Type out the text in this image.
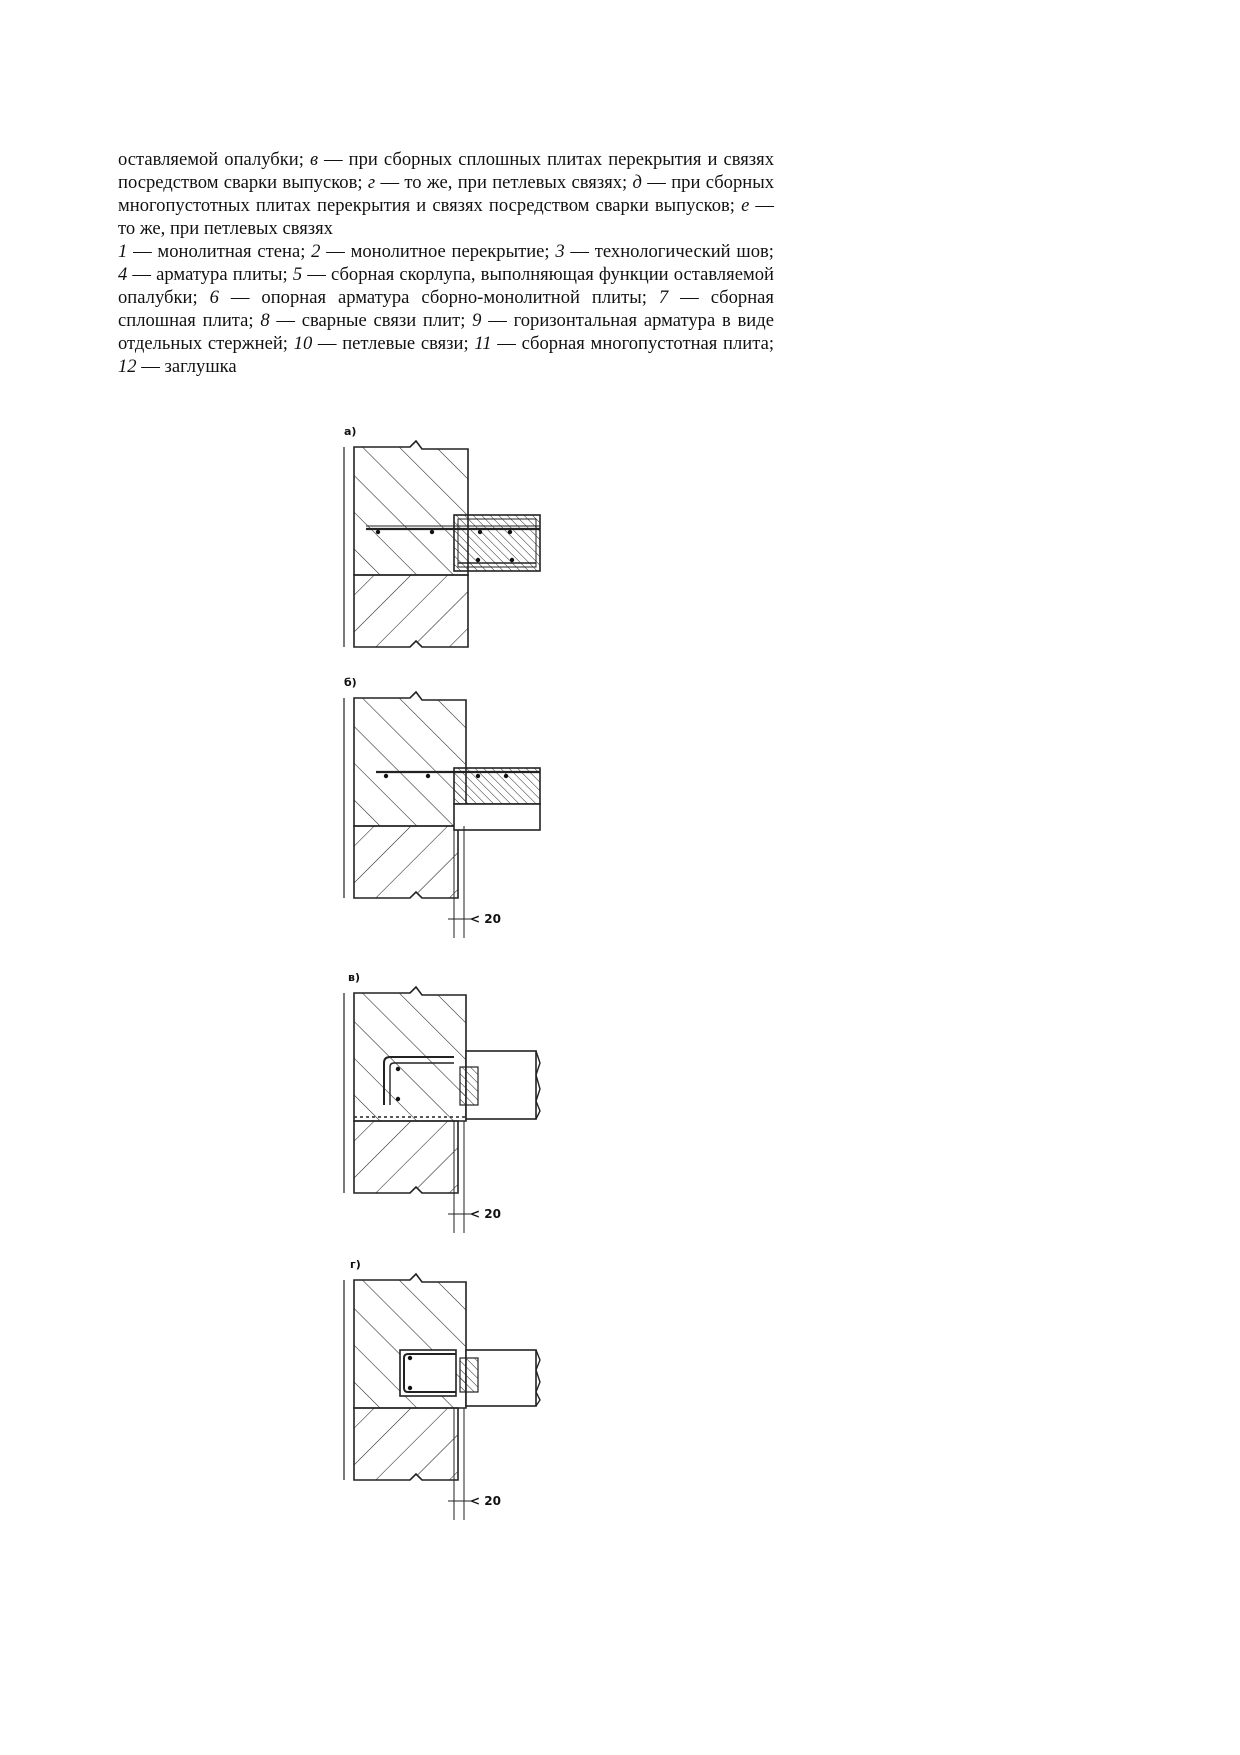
оставляемой опалубки; в — при сборных сплошных плитах перекрытия и связях посредством сварки выпусков; г — то же, при петлевых связях; д — при сборных многопустотных плитах перекрытия и связях посредством сварки выпусков; е — то же, при петлевых связях

1 — монолитная стена; 2 — монолитное перекрытие; 3 — технологический шов; 4 — арматура плиты; 5 — сборная скорлупа, выполняющая функции оставляемой опалубки; 6 — опорная арматура сборно-монолитной плиты; 7 — сборная сплошная плита; 8 — сварные связи плит; 9 — горизонтальная арматура в виде отдельных стержней; 10 — петлевые связи; 11 — сборная многопустотная плита; 12 — заглушка

а)
б)
< 20
в)
< 20
г)
< 20
